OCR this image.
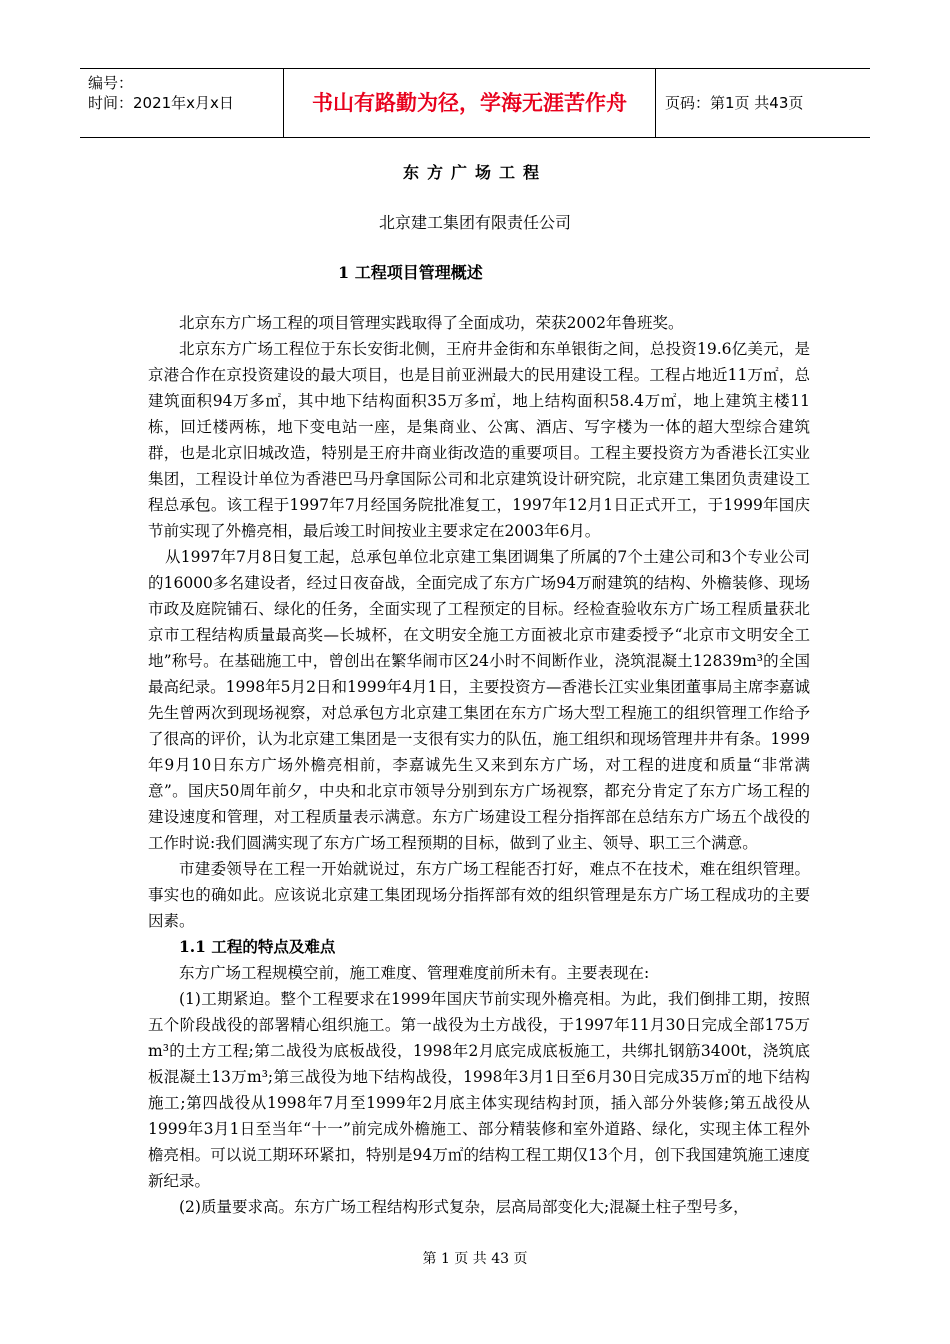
编号：
时间：2021年x月x日	书山有路勤为径，学海无涯苦作舟	页码：第1页 共43页
东方广场工程
北京建工集团有限责任公司
1 工程项目管理概述

北京东方广场工程的项目管理实践取得了全面成功，荣获2002年鲁班奖。

北京东方广场工程位于东长安街北侧，王府井金街和东单银街之间，总投资19.6亿美元，是京港合作在京投资建设的最大项目，也是目前亚洲最大的民用建设工程。工程占地近11万㎡，总建筑面积94万多㎡，其中地下结构面积35万多㎡，地上结构面积58.4万㎡，地上建筑主楼11栋，回迁楼两栋，地下变电站一座，是集商业、公寓、酒店、写字楼为一体的超大型综合建筑群，也是北京旧城改造，特别是王府井商业街改造的重要项目。工程主要投资方为香港长江实业集团，工程设计单位为香港巴马丹拿国际公司和北京建筑设计研究院，北京建工集团负责建设工程总承包。该工程于1997年7月经国务院批准复工，1997年12月1日正式开工，于1999年国庆节前实现了外檐亮相，最后竣工时间按业主要求定在2003年6月。

从1997年7月8日复工起，总承包单位北京建工集团调集了所属的7个土建公司和3个专业公司的16000多名建设者，经过日夜奋战，全面完成了东方广场94万耐建筑的结构、外檐装修、现场市政及庭院铺石、绿化的任务，全面实现了工程预定的目标。经检查验收东方广场工程质量获北京市工程结构质量最高奖—长城杯，在文明安全施工方面被北京市建委授予“北京市文明安全工地”称号。在基础施工中，曾创出在繁华闹市区24小时不间断作业，浇筑混凝土12839m³的全国最高纪录。1998年5月2日和1999年4月1日，主要投资方—香港长江实业集团董事局主席李嘉诚先生曾两次到现场视察，对总承包方北京建工集团在东方广场大型工程施工的组织管理工作给予了很高的评价，认为北京建工集团是一支很有实力的队伍，施工组织和现场管理井井有条。1999年9月10日东方广场外檐亮相前，李嘉诚先生又来到东方广场，对工程的进度和质量“非常满意”。国庆50周年前夕，中央和北京市领导分别到东方广场视察，都充分肯定了东方广场工程的建设速度和管理，对工程质量表示满意。东方广场建设工程分指挥部在总结东方广场五个战役的工作时说:我们圆满实现了东方广场工程预期的目标，做到了业主、领导、职工三个满意。

市建委领导在工程一开始就说过，东方广场工程能否打好，难点不在技术，难在组织管理。事实也的确如此。应该说北京建工集团现场分指挥部有效的组织管理是东方广场工程成功的主要因素。

1.1 工程的特点及难点

东方广场工程规模空前，施工难度、管理难度前所未有。主要表现在:

(1)工期紧迫。整个工程要求在1999年国庆节前实现外檐亮相。为此，我们倒排工期，按照五个阶段战役的部署精心组织施工。第一战役为土方战役，于1997年11月30日完成全部175万m³的土方工程;第二战役为底板战役，1998年2月底完成底板施工，共绑扎钢筋3400t，浇筑底板混凝土13万m³;第三战役为地下结构战役，1998年3月1日至6月30日完成35万㎡的地下结构施工;第四战役从1998年7月至1999年2月底主体实现结构封顶，插入部分外装修;第五战役从1999年3月1日至当年“十一”前完成外檐施工、部分精装修和室外道路、绿化，实现主体工程外檐亮相。可以说工期环环紧扣，特别是94万㎡的结构工程工期仅13个月，创下我国建筑施工速度新纪录。

(2)质量要求高。东方广场工程结构形式复杂，层高局部变化大;混凝土柱子型号多，

第 1 页 共 43 页
